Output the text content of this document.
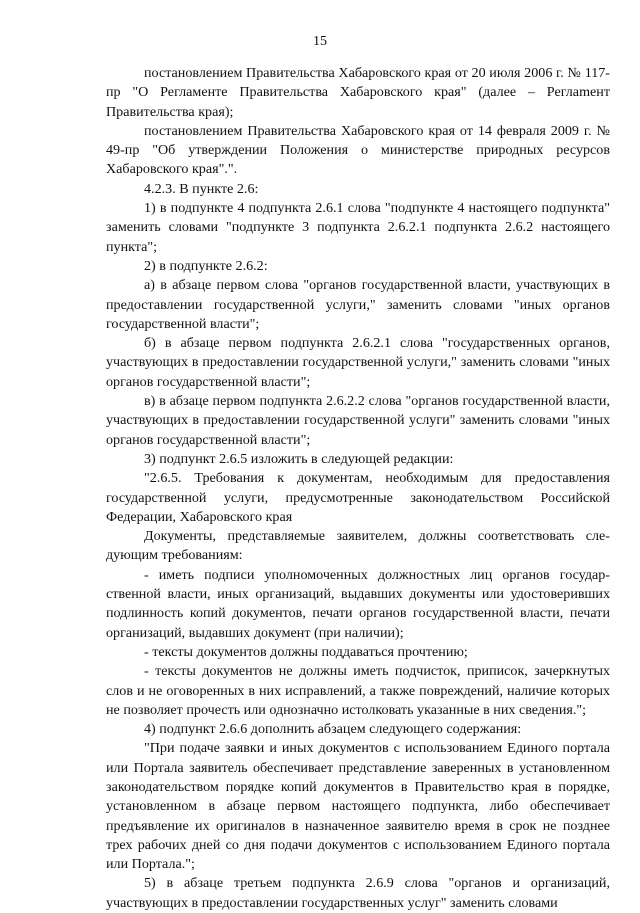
15

постановлением Правительства Хабаровского края от 20 июля 2006 г. № 117-пр "О Регламенте Правительства Хабаровского края" (далее – Реглаmент Правительства края);

постановлением Правительства Хабаровского края от 14 февраля 2009 г. № 49-пр "Об утверждении Положения о министерстве природных ресурсов Хабаровского края".".

4.2.3. В пункте 2.6:

1) в подпункте 4 подпункта 2.6.1 слова "подпункте 4 настоящего подпункта" заменить словами "подпункте 3 подпункта 2.6.2.1 подпункта 2.6.2 настоящего пункта";

2) в подпункте 2.6.2:

а) в абзаце первом слова "органов государственной власти, участвующих в предоставлении государственной услуги," заменить словами "иных органов государственной власти";

б) в абзаце первом подпункта 2.6.2.1 слова "государственных органов, участвующих в предоставлении государственной услуги," заменить словами "иных органов государственной власти";

в) в абзаце первом подпункта 2.6.2.2 слова "органов государственной власти, участвующих в предоставлении государственной услуги" заменить словами "иных органов государственной власти";

3) подпункт 2.6.5 изложить в следующей редакции:

"2.6.5. Требования к документам, необходимым для предоставления государственной услуги, предусмотренные законодательством Российской Федерации, Хабаровского края

Документы, представляемые заявителем, должны соответствовать следующим требованиям:

- иметь подписи уполномоченных должностных лиц органов государственной власти, иных организаций, выдавших документы или удостоверивших подлинность копий документов, печати органов государственной власти, печати организаций, выдавших документ (при наличии);

- тексты документов должны поддаваться прочтению;

- тексты документов не должны иметь подчисток, приписок, зачеркнутых слов и не оговоренных в них исправлений, а также повреждений, наличие которых не позволяет прочесть или однозначно истолковать указанные в них сведения.";

4) подпункт 2.6.6 дополнить абзацем следующего содержания:

"При подаче заявки и иных документов с использованием Единого портала или Портала заявитель обеспечивает представление заверенных в установленном законодательством порядке копий документов в Правительство края в порядке, установленном в абзаце первом настоящего подпункта, либо обеспечивает предъявление их оригиналов в назначенное заявителю время в срок не позднее трех рабочих дней со дня подачи документов с использованием Единого портала или Портала.";

5) в абзаце третьем подпункта 2.6.9 слова "органов и организаций, участвующих в предоставлении государственных услуг" заменить словами
